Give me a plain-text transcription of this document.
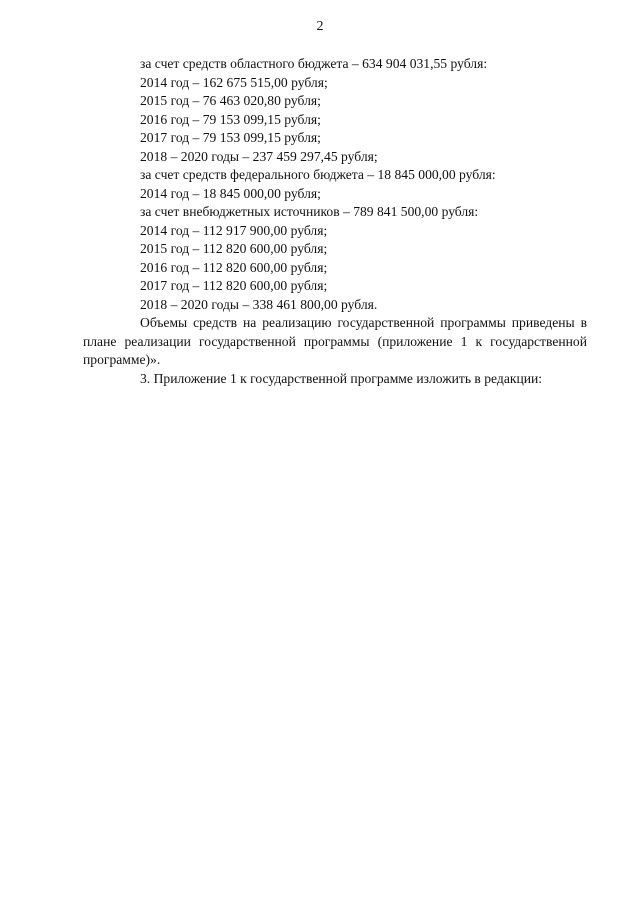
2
за счет средств областного бюджета – 634 904 031,55 рубля:
2014 год – 162 675 515,00 рубля;
2015 год – 76 463 020,80 рубля;
2016 год – 79 153 099,15 рубля;
2017 год – 79 153 099,15 рубля;
2018 – 2020 годы – 237 459 297,45 рубля;
за счет средств федерального бюджета – 18 845 000,00 рубля:
2014 год – 18 845 000,00 рубля;
за счет внебюджетных источников – 789 841 500,00 рубля:
2014 год – 112 917 900,00 рубля;
2015 год – 112 820 600,00 рубля;
2016 год – 112 820 600,00 рубля;
2017 год – 112 820 600,00 рубля;
2018 – 2020 годы – 338 461 800,00 рубля.
Объемы средств на реализацию государственной программы приведены в плане реализации государственной программы (приложение 1 к государственной программе)».
3. Приложение 1 к государственной программе изложить в редакции:
